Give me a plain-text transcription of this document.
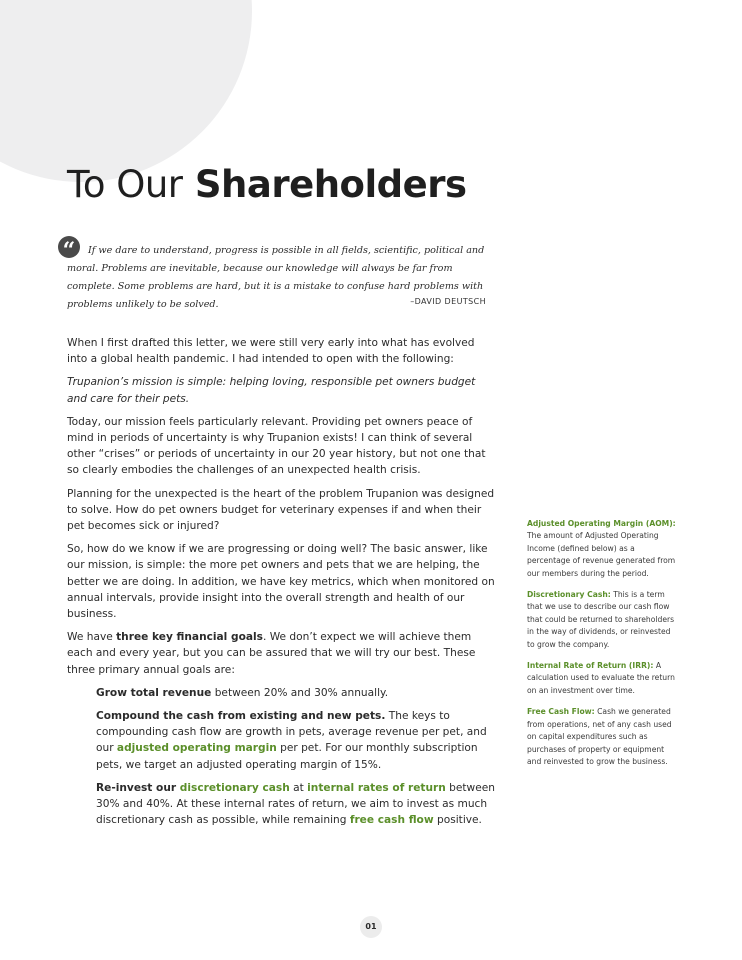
To Our Shareholders
“	If we dare to understand, progress is possible in all fields, scientific, political and moral. Problems are inevitable, because our knowledge will always be far from complete. Some problems are hard, but it is a mistake to confuse hard problems with problems unlikely to be solved.	–DAVID DEUTSCH

When I first drafted this letter, we were still very early into what has evolved into a global health pandemic. I had intended to open with the following:

Trupanion’s mission is simple: helping loving, responsible pet owners budget and care for their pets.

Today, our mission feels particularly relevant. Providing pet owners peace of mind in periods of uncertainty is why Trupanion exists! I can think of several other “crises” or periods of uncertainty in our 20 year history, but not one that so clearly embodies the challenges of an unexpected health crisis.

Planning for the unexpected is the heart of the problem Trupanion was designed to solve. How do pet owners budget for veterinary expenses if and when their pet becomes sick or injured?

So, how do we know if we are progressing or doing well? The basic answer, like our mission, is simple: the more pet owners and pets that we are helping, the better we are doing. In addition, we have key metrics, which when monitored on annual intervals, provide insight into the overall strength and health of our business.

We have three key financial goals. We don’t expect we will achieve them each and every year, but you can be assured that we will try our best. These three primary annual goals are:

Grow total revenue between 20% and 30% annually.

Compound the cash from existing and new pets. The keys to compounding cash flow are growth in pets, average revenue per pet, and our adjusted operating margin per pet. For our monthly subscription pets, we target an adjusted operating margin of 15%.

Re-invest our discretionary cash at internal rates of return between 30% and 40%. At these internal rates of return, we aim to invest as much discretionary cash as possible, while remaining free cash flow positive.

Adjusted Operating Margin (AOM): The amount of Adjusted Operating Income (defined below) as a percentage of revenue generated from our members during the period.

Discretionary Cash: This is a term that we use to describe our cash flow that could be returned to shareholders in the way of dividends, or reinvested to grow the company.

Internal Rate of Return (IRR): A calculation used to evaluate the return on an investment over time.

Free Cash Flow: Cash we generated from operations, net of any cash used on capital expenditures such as purchases of property or equipment and reinvested to grow the business.

01
